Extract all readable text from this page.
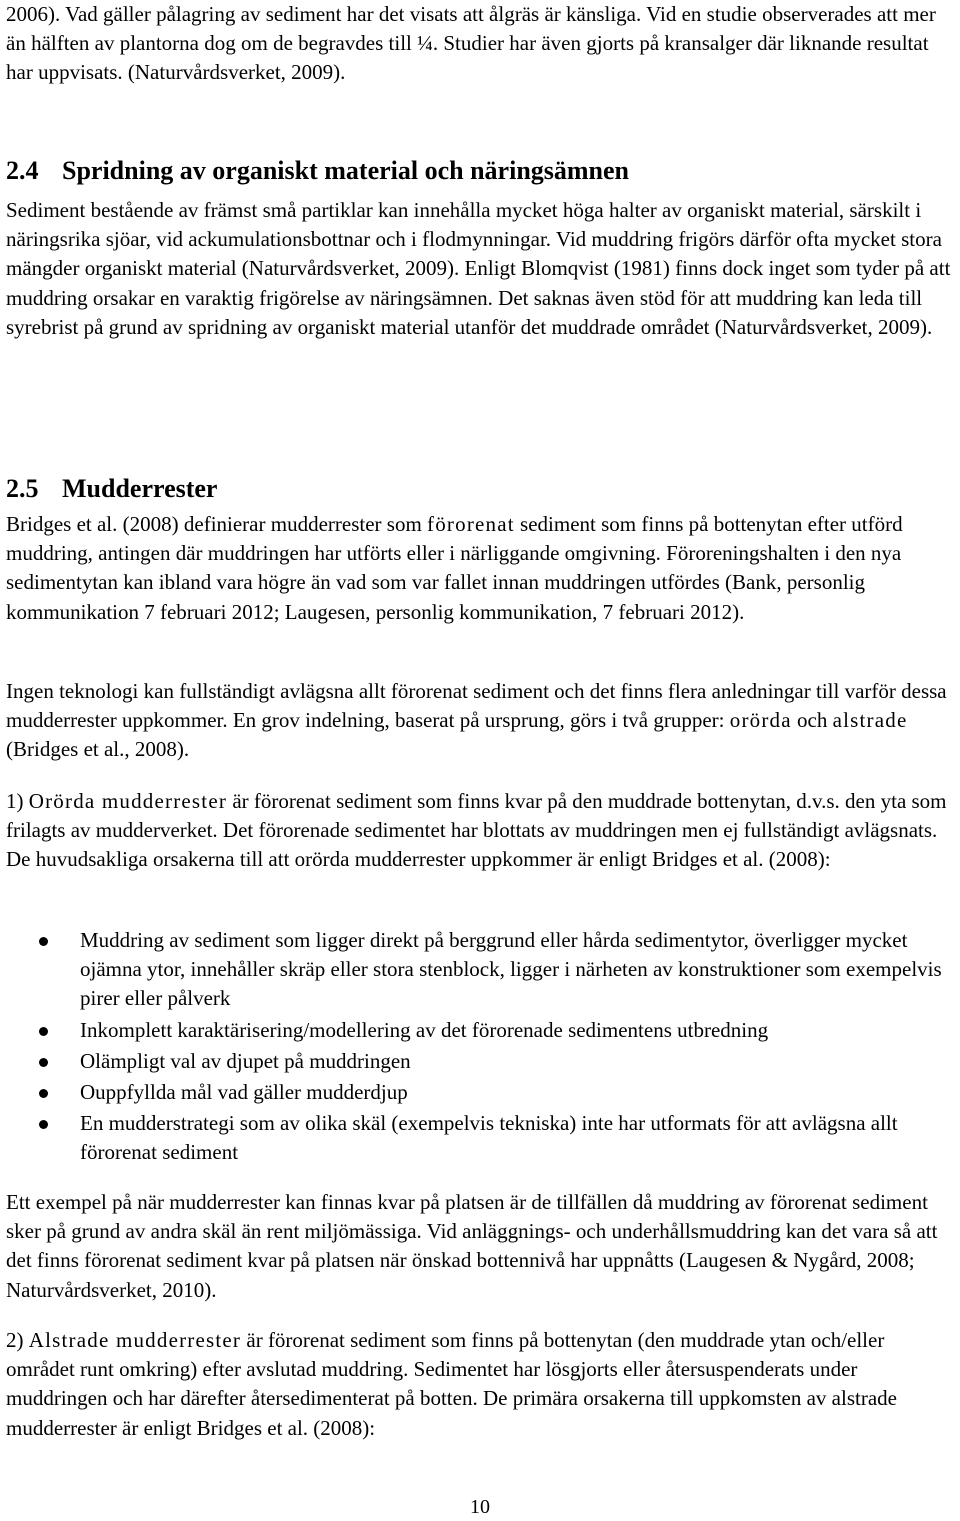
2006). Vad gäller pålagring av sediment har det visats att ålgräs är känsliga. Vid en studie observerades att mer än hälften av plantorna dog om de begravdes till ¼. Studier har även gjorts på kransalger där liknande resultat har uppvisats. (Naturvårdsverket, 2009).

2.4 Spridning av organiskt material och näringsämnen

Sediment bestående av främst små partiklar kan innehålla mycket höga halter av organiskt material, särskilt i näringsrika sjöar, vid ackumulationsbottnar och i flodmynningar. Vid muddring frigörs därför ofta mycket stora mängder organiskt material (Naturvårdsverket, 2009). Enligt Blomqvist (1981) finns dock inget som tyder på att muddring orsakar en varaktig frigörelse av näringsämnen. Det saknas även stöd för att muddring kan leda till syrebrist på grund av spridning av organiskt material utanför det muddrade området (Naturvårdsverket, 2009).

2.5 Mudderrester

Bridges et al. (2008) definierar mudderrester som förorenat sediment som finns på bottenytan efter utförd muddring, antingen där muddringen har utförts eller i närliggande omgivning. Föroreningshalten i den nya sedimentytan kan ibland vara högre än vad som var fallet innan muddringen utfördes (Bank, personlig kommunikation 7 februari 2012; Laugesen, personlig kommunikation, 7 februari 2012).

Ingen teknologi kan fullständigt avlägsna allt förorenat sediment och det finns flera anledningar till varför dessa mudderrester uppkommer. En grov indelning, baserat på ursprung, görs i två grupper: orörda och alstrade (Bridges et al., 2008).

1) Orörda mudderrester är förorenat sediment som finns kvar på den muddrade bottenytan, d.v.s. den yta som frilagts av mudderverket. Det förorenade sedimentet har blottats av muddringen men ej fullständigt avlägsnats. De huvudsakliga orsakerna till att orörda mudderrester uppkommer är enligt Bridges et al. (2008):

Muddring av sediment som ligger direkt på berggrund eller hårda sedimentytor, överligger mycket ojämna ytor, innehåller skräp eller stora stenblock, ligger i närheten av konstruktioner som exempelvis pirer eller pålverk
Inkomplett karaktärisering/modellering av det förorenade sedimentens utbredning
Olämpligt val av djupet på muddringen
Ouppfyllda mål vad gäller mudderdjup
En mudderstrategi som av olika skäl (exempelvis tekniska) inte har utformats för att avlägsna allt förorenat sediment

Ett exempel på när mudderrester kan finnas kvar på platsen är de tillfällen då muddring av förorenat sediment sker på grund av andra skäl än rent miljömässiga. Vid anläggnings- och underhållsmuddring kan det vara så att det finns förorenat sediment kvar på platsen när önskad bottennivå har uppnåtts (Laugesen & Nygård, 2008; Naturvårdsverket, 2010).

2) Alstrade mudderrester är förorenat sediment som finns på bottenytan (den muddrade ytan och/eller området runt omkring) efter avslutad muddring. Sedimentet har lösgjorts eller återsuspenderats under muddringen och har därefter återsedimenterat på botten. De primära orsakerna till uppkomsten av alstrade mudderrester är enligt Bridges et al. (2008):

10
